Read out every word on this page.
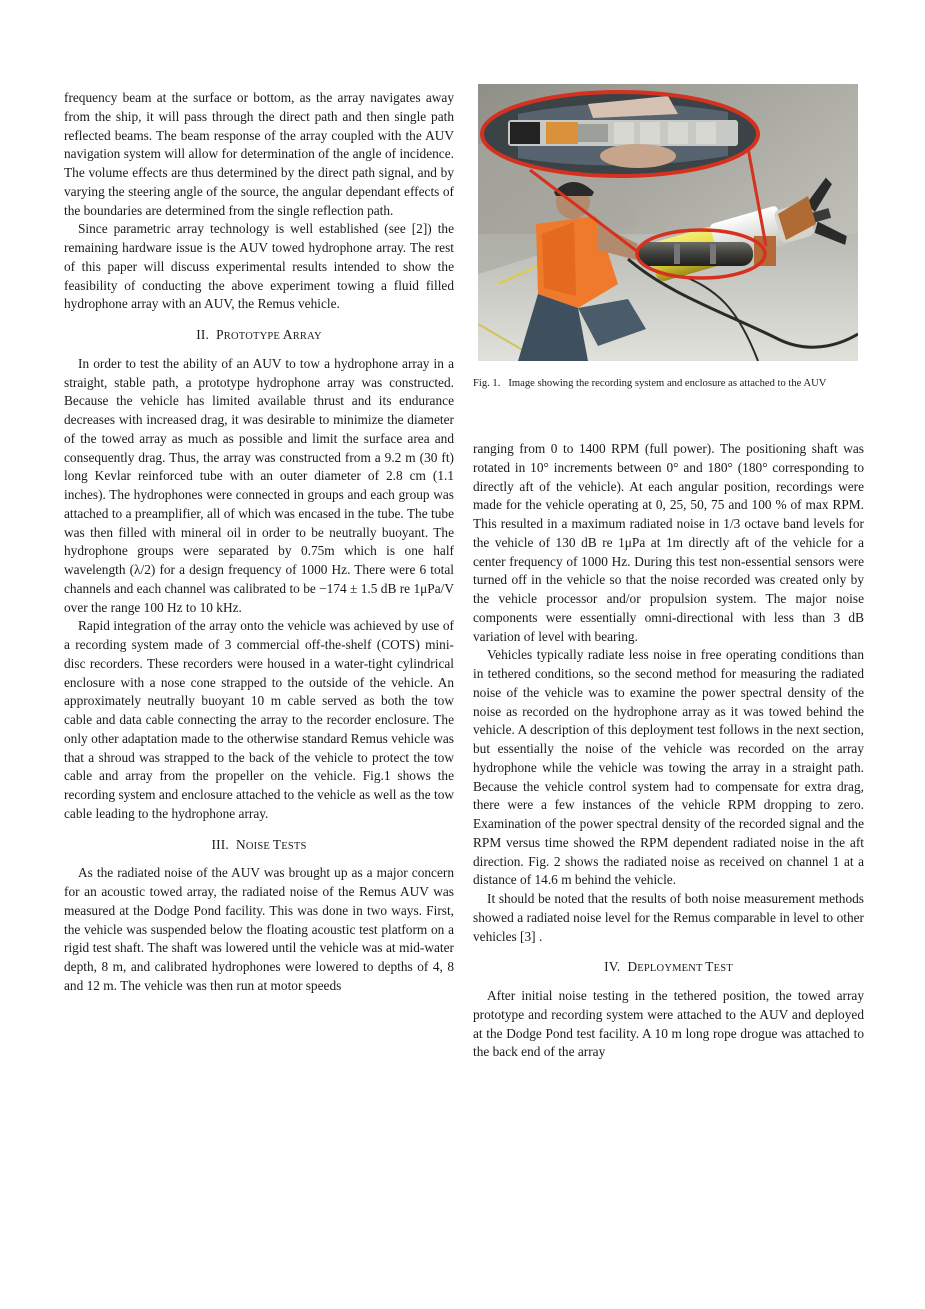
frequency beam at the surface or bottom, as the array navigates away from the ship, it will pass through the direct path and then single path reflected beams. The beam response of the array coupled with the AUV navigation system will allow for determination of the angle of incidence. The volume effects are thus determined by the direct path signal, and by varying the steering angle of the source, the angular dependant effects of the boundaries are determined from the single reflection path.

Since parametric array technology is well established (see [2]) the remaining hardware issue is the AUV towed hydrophone array. The rest of this paper will discuss experimental results intended to show the feasibility of conducting the above experiment towing a fluid filled hydrophone array with an AUV, the Remus vehicle.

II. PROTOTYPE ARRAY

In order to test the ability of an AUV to tow a hydrophone array in a straight, stable path, a prototype hydrophone array was constructed. Because the vehicle has limited available thrust and its endurance decreases with increased drag, it was desirable to minimize the diameter of the towed array as much as possible and limit the surface area and consequently drag. Thus, the array was constructed from a 9.2 m (30 ft) long Kevlar reinforced tube with an outer diameter of 2.8 cm (1.1 inches). The hydrophones were connected in groups and each group was attached to a preamplifier, all of which was encased in the tube. The tube was then filled with mineral oil in order to be neutrally buoyant. The hydrophone groups were separated by 0.75m which is one half wavelength (λ/2) for a design frequency of 1000 Hz. There were 6 total channels and each channel was calibrated to be −174 ± 1.5 dB re 1μPa/V over the range 100 Hz to 10 kHz.

Rapid integration of the array onto the vehicle was achieved by use of a recording system made of 3 commercial off-the-shelf (COTS) mini-disc recorders. These recorders were housed in a water-tight cylindrical enclosure with a nose cone strapped to the outside of the vehicle. An approximately neutrally buoyant 10 m cable served as both the tow cable and data cable connecting the array to the recorder enclosure. The only other adaptation made to the otherwise standard Remus vehicle was that a shroud was strapped to the back of the vehicle to protect the tow cable and array from the propeller on the vehicle. Fig.1 shows the recording system and enclosure attached to the vehicle as well as the tow cable leading to the hydrophone array.

III. NOISE TESTS

As the radiated noise of the AUV was brought up as a major concern for an acoustic towed array, the radiated noise of the Remus AUV was measured at the Dodge Pond facility. This was done in two ways. First, the vehicle was suspended below the floating acoustic test platform on a rigid test shaft. The shaft was lowered until the vehicle was at mid-water depth, 8 m, and calibrated hydrophones were lowered to depths of 4, 8 and 12 m. The vehicle was then run at motor speeds

Fig. 1. Image showing the recording system and enclosure as attached to the AUV

ranging from 0 to 1400 RPM (full power). The positioning shaft was rotated in 10° increments between 0° and 180° (180° corresponding to directly aft of the vehicle). At each angular position, recordings were made for the vehicle operating at 0, 25, 50, 75 and 100 % of max RPM. This resulted in a maximum radiated noise in 1/3 octave band levels for the vehicle of 130 dB re 1μPa at 1m directly aft of the vehicle for a center frequency of 1000 Hz. During this test non-essential sensors were turned off in the vehicle so that the noise recorded was created only by the vehicle processor and/or propulsion system. The major noise components were essentially omni-directional with less than 3 dB variation of level with bearing.

Vehicles typically radiate less noise in free operating conditions than in tethered conditions, so the second method for measuring the radiated noise of the vehicle was to examine the power spectral density of the noise as recorded on the hydrophone array as it was towed behind the vehicle. A description of this deployment test follows in the next section, but essentially the noise of the vehicle was recorded on the array hydrophone while the vehicle was towing the array in a straight path. Because the vehicle control system had to compensate for extra drag, there were a few instances of the vehicle RPM dropping to zero. Examination of the power spectral density of the recorded signal and the RPM versus time showed the RPM dependent radiated noise in the aft direction. Fig. 2 shows the radiated noise as received on channel 1 at a distance of 14.6 m behind the vehicle.

It should be noted that the results of both noise measurement methods showed a radiated noise level for the Remus comparable in level to other vehicles [3] .

IV. DEPLOYMENT TEST

After initial noise testing in the tethered position, the towed array prototype and recording system were attached to the AUV and deployed at the Dodge Pond test facility. A 10 m long rope drogue was attached to the back end of the array
